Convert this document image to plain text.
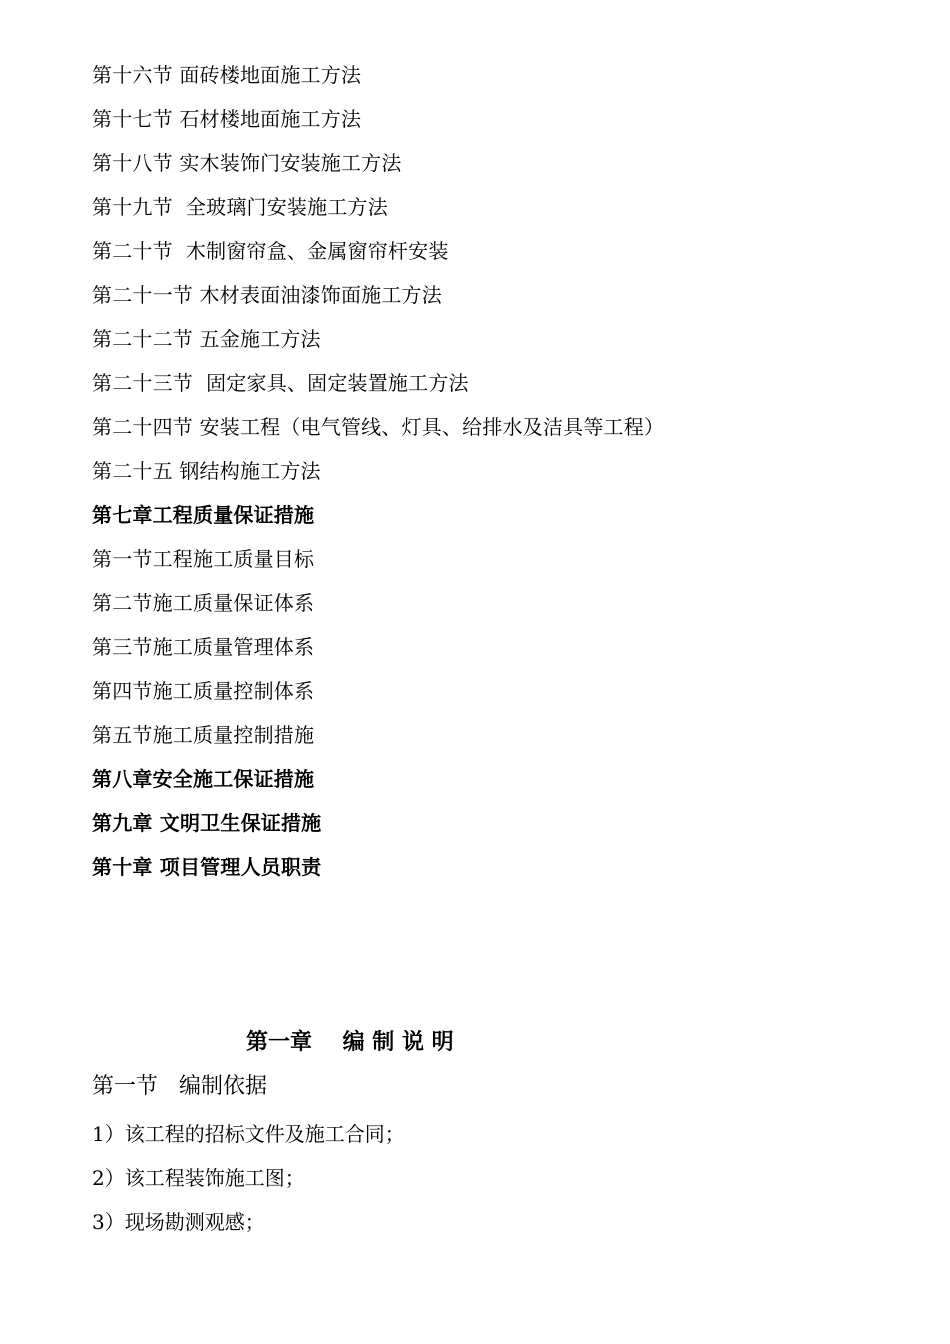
第十六节 面砖楼地面施工方法
第十七节 石材楼地面施工方法
第十八节 实木装饰门安装施工方法
第十九节  全玻璃门安装施工方法
第二十节  木制窗帘盒、金属窗帘杆安装
第二十一节 木材表面油漆饰面施工方法
第二十二节 五金施工方法
第二十三节  固定家具、固定装置施工方法
第二十四节 安装工程（电气管线、灯具、给排水及洁具等工程）
第二十五 钢结构施工方法
第七章工程质量保证措施
第一节工程施工质量目标
第二节施工质量保证体系
第三节施工质量管理体系
第四节施工质量控制体系
第五节施工质量控制措施
第八章安全施工保证措施
第九章 文明卫生保证措施
第十章 项目管理人员职责
第一章    编 制 说 明
第一节   编制依据
1）该工程的招标文件及施工合同；
2）该工程装饰施工图；
3）现场勘测观感；
